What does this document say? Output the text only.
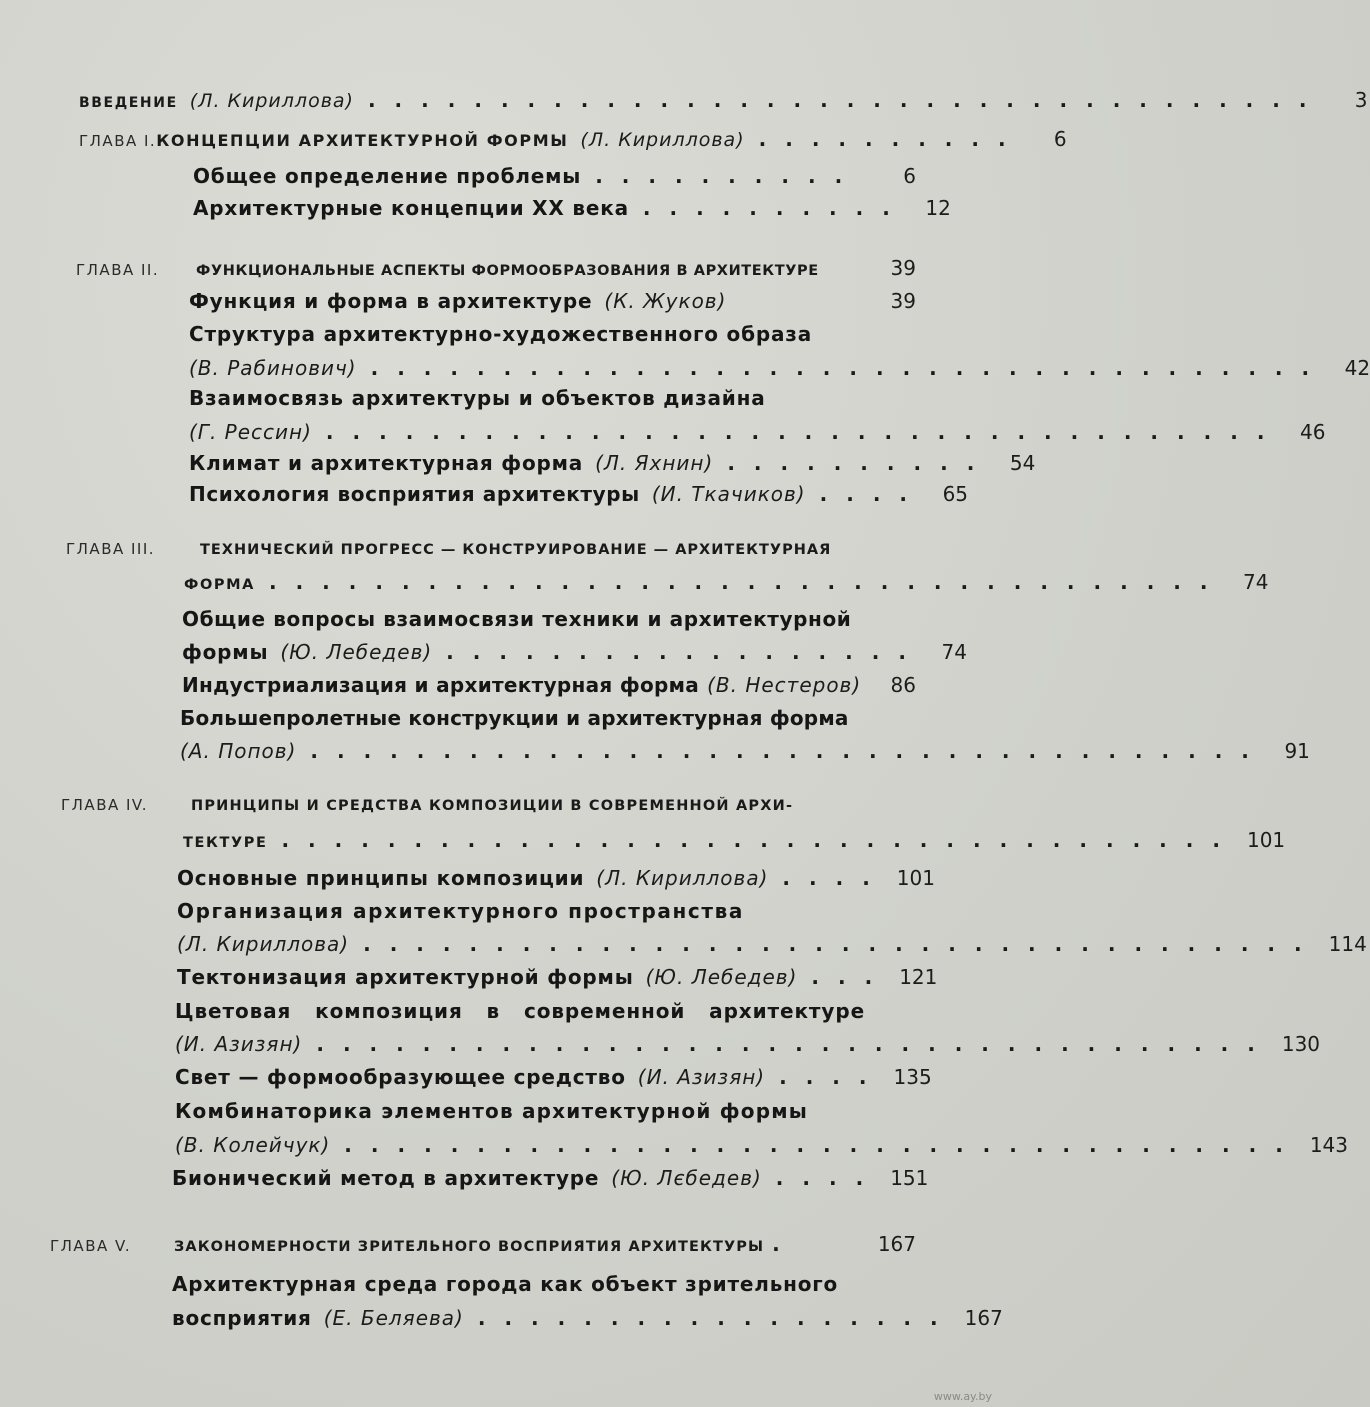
ВВЕДЕНИЕ (Л. Кириллова) ....................................	3
ГЛАВА I. КОНЦЕПЦИИ АРХИТЕКТУРНОЙ ФОРМЫ (Л. Кириллова) ..........	6
Общее определение проблемы ..........	6
Архитектурные концепции XX века .......... 12
ГЛАВА II.	ФУНКЦИОНАЛЬНЫЕ АСПЕКТЫ ФОРМООБРАЗОВАНИЯ В АРХИТЕКТУРЕ	39
Функция и форма в архитектуре (К. Жуков)	39
Структура архитектурно-художественного образа
(В. Рабинович) .................................... 42
Взаимосвязь архитектуры и объектов дизайна
(Г. Рессин) .................................... 46
Климат и архитектурная форма (Л. Яхнин) .......... 54
Психология восприятия архитектуры (И. Ткачиков) .... 65
ГЛАВА III.	ТЕХНИЧЕСКИЙ ПРОГРЕСС — КОНСТРУИРОВАНИЕ — АРХИТЕКТУРНАЯ
ФОРМА .................................... 74
Общие вопросы взаимосвязи техники и архитектурной
формы (Ю. Лебедев) .................. 74
Индустриализация и архитектурная форма (В. Нестеров)	86
Большепролетные конструкции и архитектурная форма
(А. Попов) .................................... 91
ГЛАВА IV.	ПРИНЦИПЫ И СРЕДСТВА КОМПОЗИЦИИ В СОВРЕМЕННОЙ АРХИ-
ТЕКТУРЕ .................................... 101
Основные принципы композиции (Л. Кириллова) .... 101
Организация архитектурного пространства
(Л. Кириллова) .................................... 114
Тектонизация архитектурной формы (Ю. Лебедев) ... 121
Цветовая композиция в современной архитектуре
(И. Азизян) .................................... 130
Свет — формообразующее средство (И. Азизян) .... 135
Комбинаторика элементов архитектурной формы
(В. Колейчук) .................................... 143
Бионический метод в архитектуре (Ю. Лєбедев) .... 151
ГЛАВА V.	ЗАКОНОМЕРНОСТИ ЗРИТЕЛЬНОГО ВОСПРИЯТИЯ АРХИТЕКТУРЫ .	167
Архитектурная среда города как объект зрительного
восприятия (Е. Беляева) .................. 167
www.ay.by
